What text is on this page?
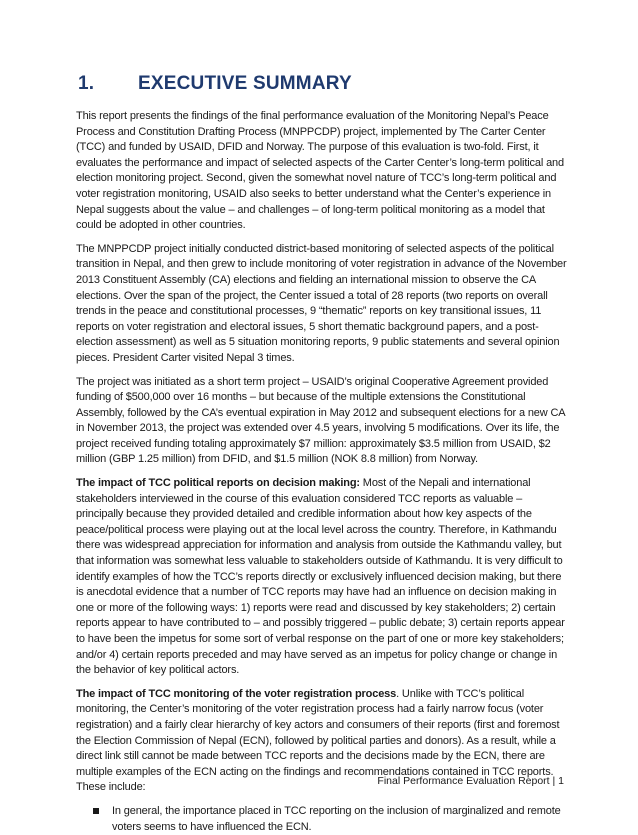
1. EXECUTIVE SUMMARY

This report presents the findings of the final performance evaluation of the Monitoring Nepal’s Peace Process and Constitution Drafting Process (MNPPCDP) project, implemented by The Carter Center (TCC) and funded by USAID, DFID and Norway. The purpose of this evaluation is two-fold. First, it evaluates the performance and impact of selected aspects of the Carter Center’s long-term political and election monitoring project. Second, given the somewhat novel nature of TCC’s long-term political and voter registration monitoring, USAID also seeks to better understand what the Center’s experience in Nepal suggests about the value – and challenges – of long-term political monitoring as a model that could be adopted in other countries.

The MNPPCDP project initially conducted district-based monitoring of selected aspects of the political transition in Nepal, and then grew to include monitoring of voter registration in advance of the November 2013 Constituent Assembly (CA) elections and fielding an international mission to observe the CA elections. Over the span of the project, the Center issued a total of 28 reports (two reports on overall trends in the peace and constitutional processes, 9 “thematic” reports on key transitional issues, 11 reports on voter registration and electoral issues, 5 short thematic background papers, and a post-election assessment) as well as 5 situation monitoring reports, 9 public statements and several opinion pieces. President Carter visited Nepal 3 times.

The project was initiated as a short term project – USAID’s original Cooperative Agreement provided funding of $500,000 over 16 months – but because of the multiple extensions the Constitutional Assembly, followed by the CA’s eventual expiration in May 2012 and subsequent elections for a new CA in November 2013, the project was extended over 4.5 years, involving 5 modifications. Over its life, the project received funding totaling approximately $7 million: approximately $3.5 million from USAID, $2 million (GBP 1.25 million) from DFID, and $1.5 million (NOK 8.8 million) from Norway.

The impact of TCC political reports on decision making: Most of the Nepali and international stakeholders interviewed in the course of this evaluation considered TCC reports as valuable – principally because they provided detailed and credible information about how key aspects of the peace/political process were playing out at the local level across the country. Therefore, in Kathmandu there was widespread appreciation for information and analysis from outside the Kathmandu valley, but that information was somewhat less valuable to stakeholders outside of Kathmandu. It is very difficult to identify examples of how the TCC’s reports directly or exclusively influenced decision making, but there is anecdotal evidence that a number of TCC reports may have had an influence on decision making in one or more of the following ways: 1) reports were read and discussed by key stakeholders; 2) certain reports appear to have contributed to – and possibly triggered – public debate; 3) certain reports appear to have been the impetus for some sort of verbal response on the part of one or more key stakeholders; and/or 4) certain reports preceded and may have served as an impetus for policy change or change in the behavior of key political actors.

The impact of TCC monitoring of the voter registration process. Unlike with TCC’s political monitoring, the Center’s monitoring of the voter registration process had a fairly narrow focus (voter registration) and a fairly clear hierarchy of key actors and consumers of their reports (first and foremost the Election Commission of Nepal (ECN), followed by political parties and donors). As a result, while a direct link still cannot be made between TCC reports and the decisions made by the ECN, there are multiple examples of the ECN acting on the findings and recommendations contained in TCC reports. These include:

In general, the importance placed in TCC reporting on the inclusion of marginalized and remote voters seems to have influenced the ECN.
Final Performance Evaluation Report | 1
